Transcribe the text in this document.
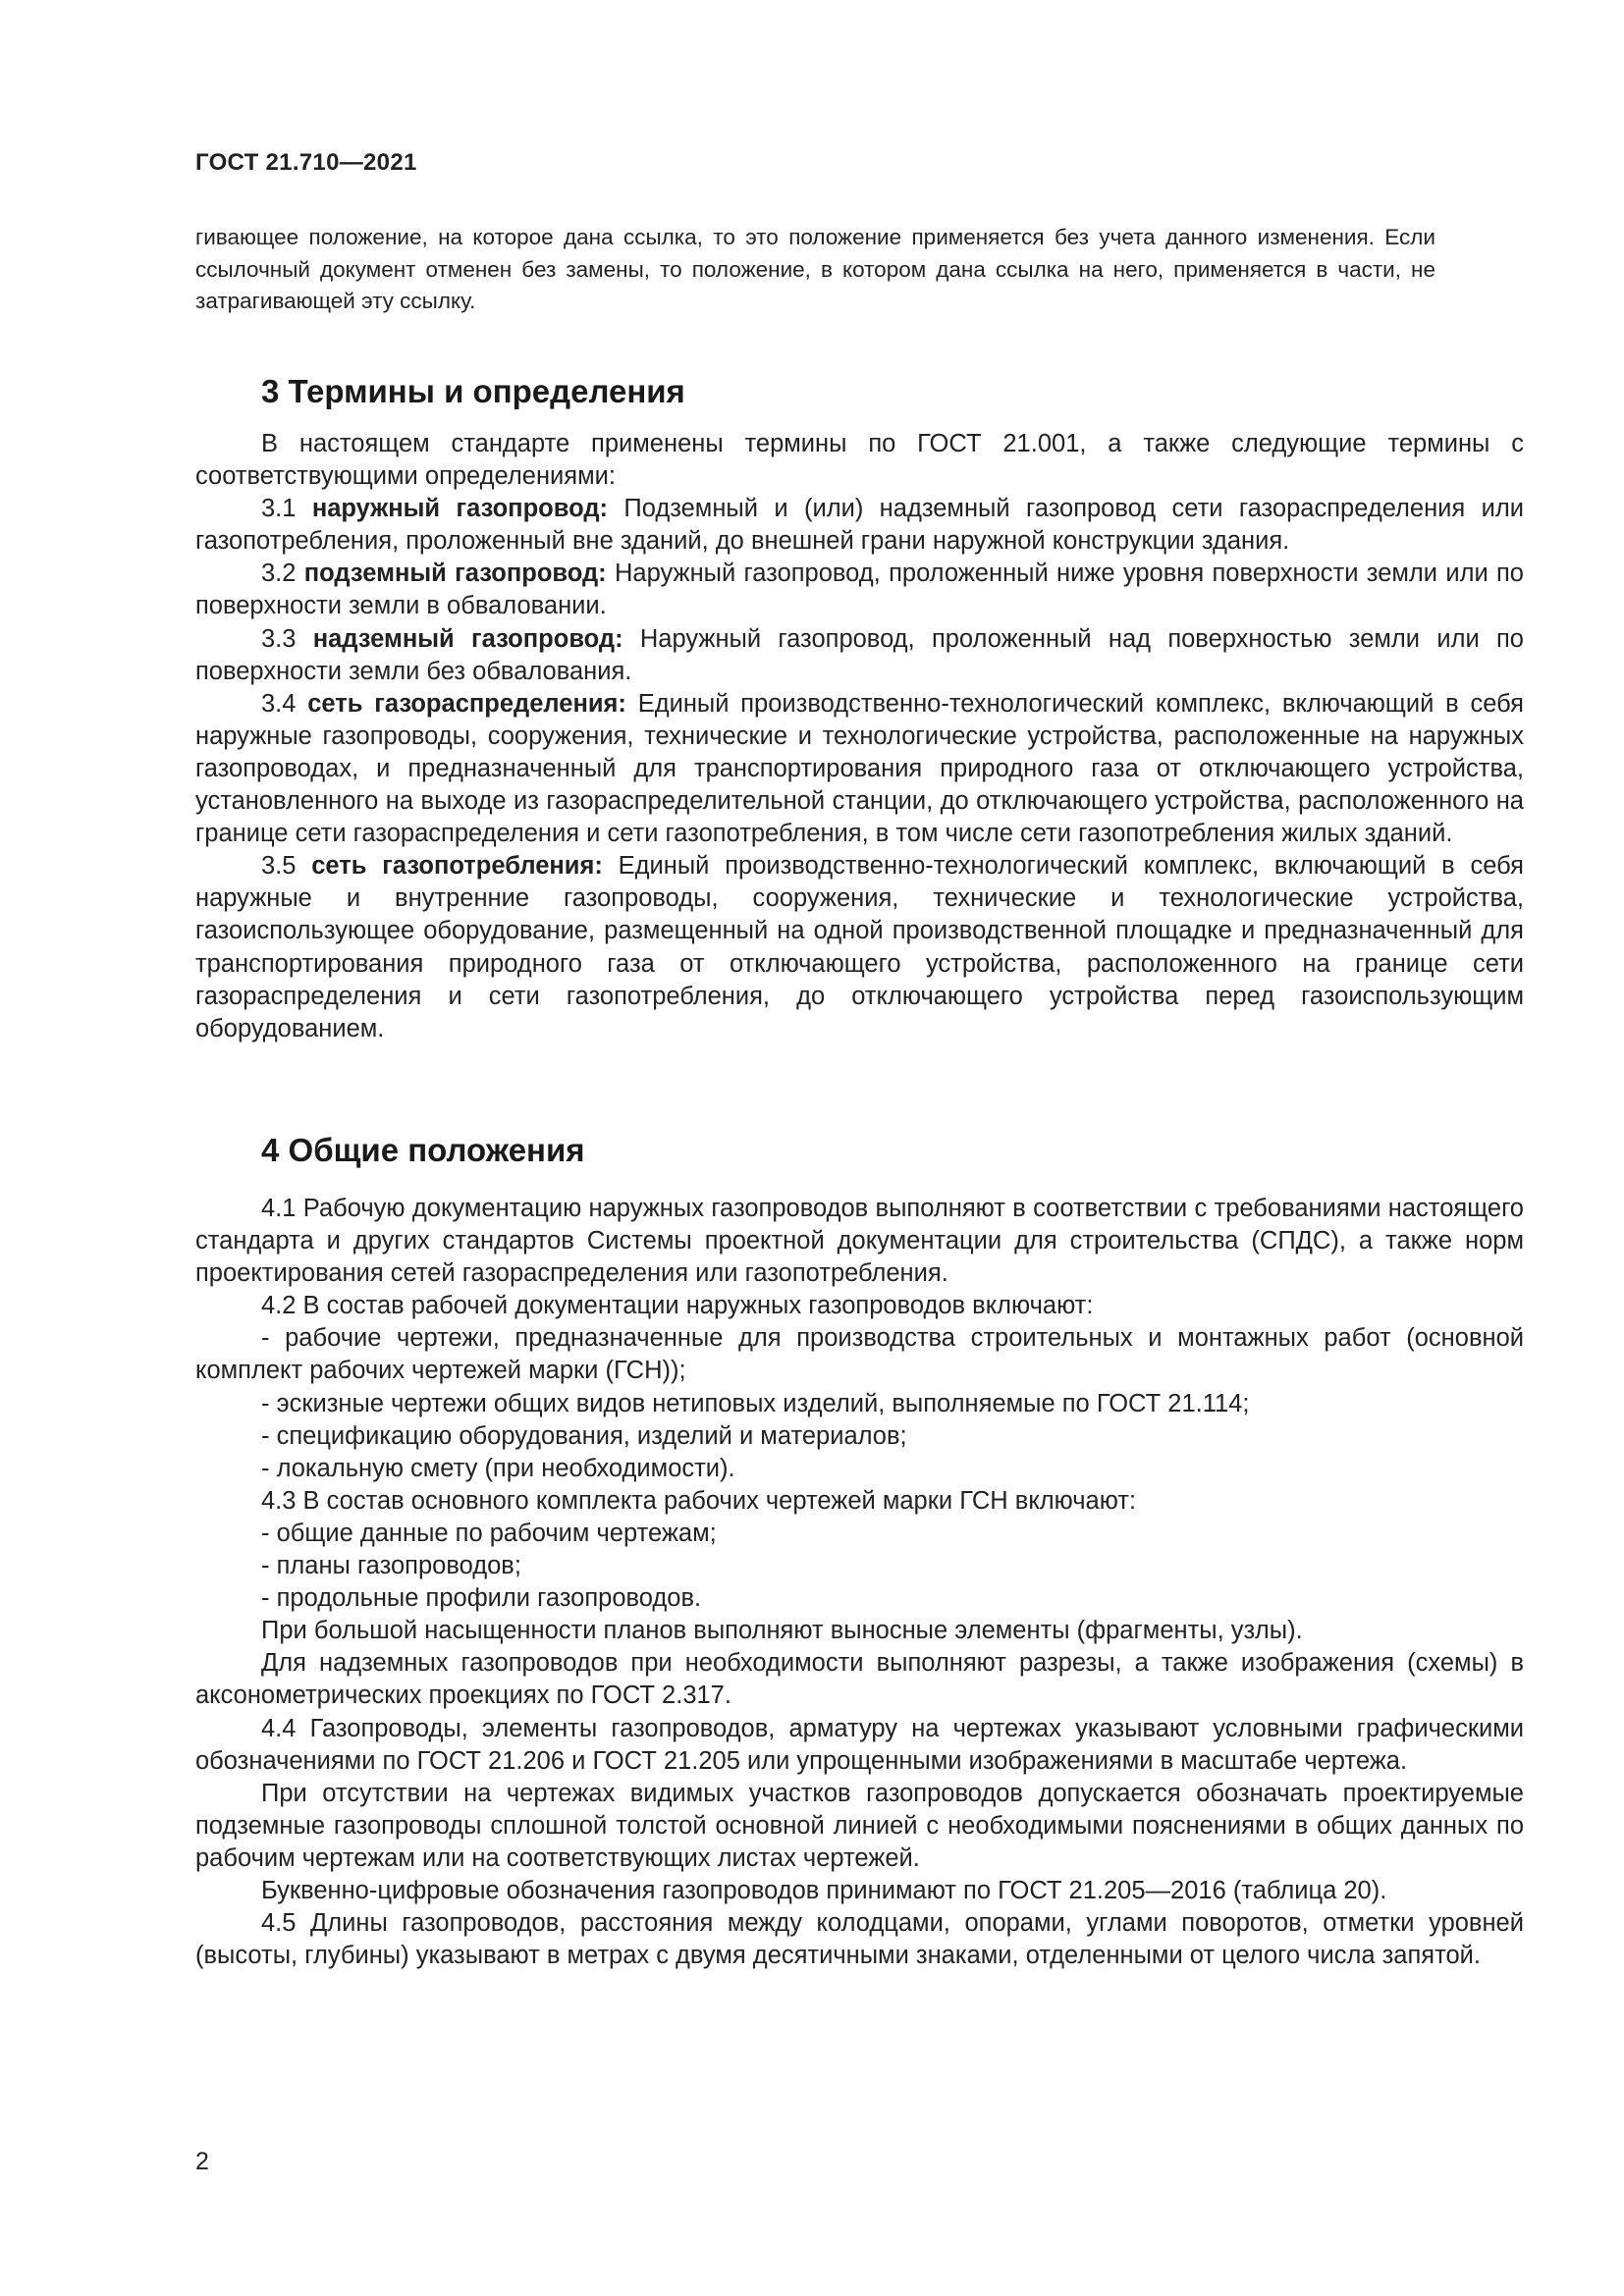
ГОСТ 21.710—2021
гивающее положение, на которое дана ссылка, то это положение применяется без учета данного изменения. Если ссылочный документ отменен без замены, то положение, в котором дана ссылка на него, применяется в части, не затрагивающей эту ссылку.
3 Термины и определения

В настоящем стандарте применены термины по ГОСТ 21.001, а также следующие термины с соответствующими определениями:

3.1 наружный газопровод: Подземный и (или) надземный газопровод сети газораспределения или газопотребления, проложенный вне зданий, до внешней грани наружной конструкции здания.

3.2 подземный газопровод: Наружный газопровод, проложенный ниже уровня поверхности земли или по поверхности земли в обваловании.

3.3 надземный газопровод: Наружный газопровод, проложенный над поверхностью земли или по поверхности земли без обвалования.

3.4 сеть газораспределения: Единый производственно-технологический комплекс, включающий в себя наружные газопроводы, сооружения, технические и технологические устройства, расположенные на наружных газопроводах, и предназначенный для транспортирования природного газа от отключающего устройства, установленного на выходе из газораспределительной станции, до отключающего устройства, расположенного на границе сети газораспределения и сети газопотребления, в том числе сети газопотребления жилых зданий.

3.5 сеть газопотребления: Единый производственно-технологический комплекс, включающий в себя наружные и внутренние газопроводы, сооружения, технические и технологические устройства, газоиспользующее оборудование, размещенный на одной производственной площадке и предназначенный для транспортирования природного газа от отключающего устройства, расположенного на границе сети газораспределения и сети газопотребления, до отключающего устройства перед газоиспользующим оборудованием.

4 Общие положения

4.1 Рабочую документацию наружных газопроводов выполняют в соответствии с требованиями настоящего стандарта и других стандартов Системы проектной документации для строительства (СПДС), а также норм проектирования сетей газораспределения или газопотребления.

4.2 В состав рабочей документации наружных газопроводов включают:

- рабочие чертежи, предназначенные для производства строительных и монтажных работ (основной комплект рабочих чертежей марки (ГСН));

- эскизные чертежи общих видов нетиповых изделий, выполняемые по ГОСТ 21.114;

- спецификацию оборудования, изделий и материалов;

- локальную смету (при необходимости).

4.3 В состав основного комплекта рабочих чертежей марки ГСН включают:

- общие данные по рабочим чертежам;

- планы газопроводов;

- продольные профили газопроводов.

При большой насыщенности планов выполняют выносные элементы (фрагменты, узлы).

Для надземных газопроводов при необходимости выполняют разрезы, а также изображения (схемы) в аксонометрических проекциях по ГОСТ 2.317.

4.4 Газопроводы, элементы газопроводов, арматуру на чертежах указывают условными графическими обозначениями по ГОСТ 21.206 и ГОСТ 21.205 или упрощенными изображениями в масштабе чертежа.

При отсутствии на чертежах видимых участков газопроводов допускается обозначать проектируемые подземные газопроводы сплошной толстой основной линией с необходимыми пояснениями в общих данных по рабочим чертежам или на соответствующих листах чертежей.

Буквенно-цифровые обозначения газопроводов принимают по ГОСТ 21.205—2016 (таблица 20).

4.5 Длины газопроводов, расстояния между колодцами, опорами, углами поворотов, отметки уровней (высоты, глубины) указывают в метрах с двумя десятичными знаками, отделенными от целого числа запятой.

2
